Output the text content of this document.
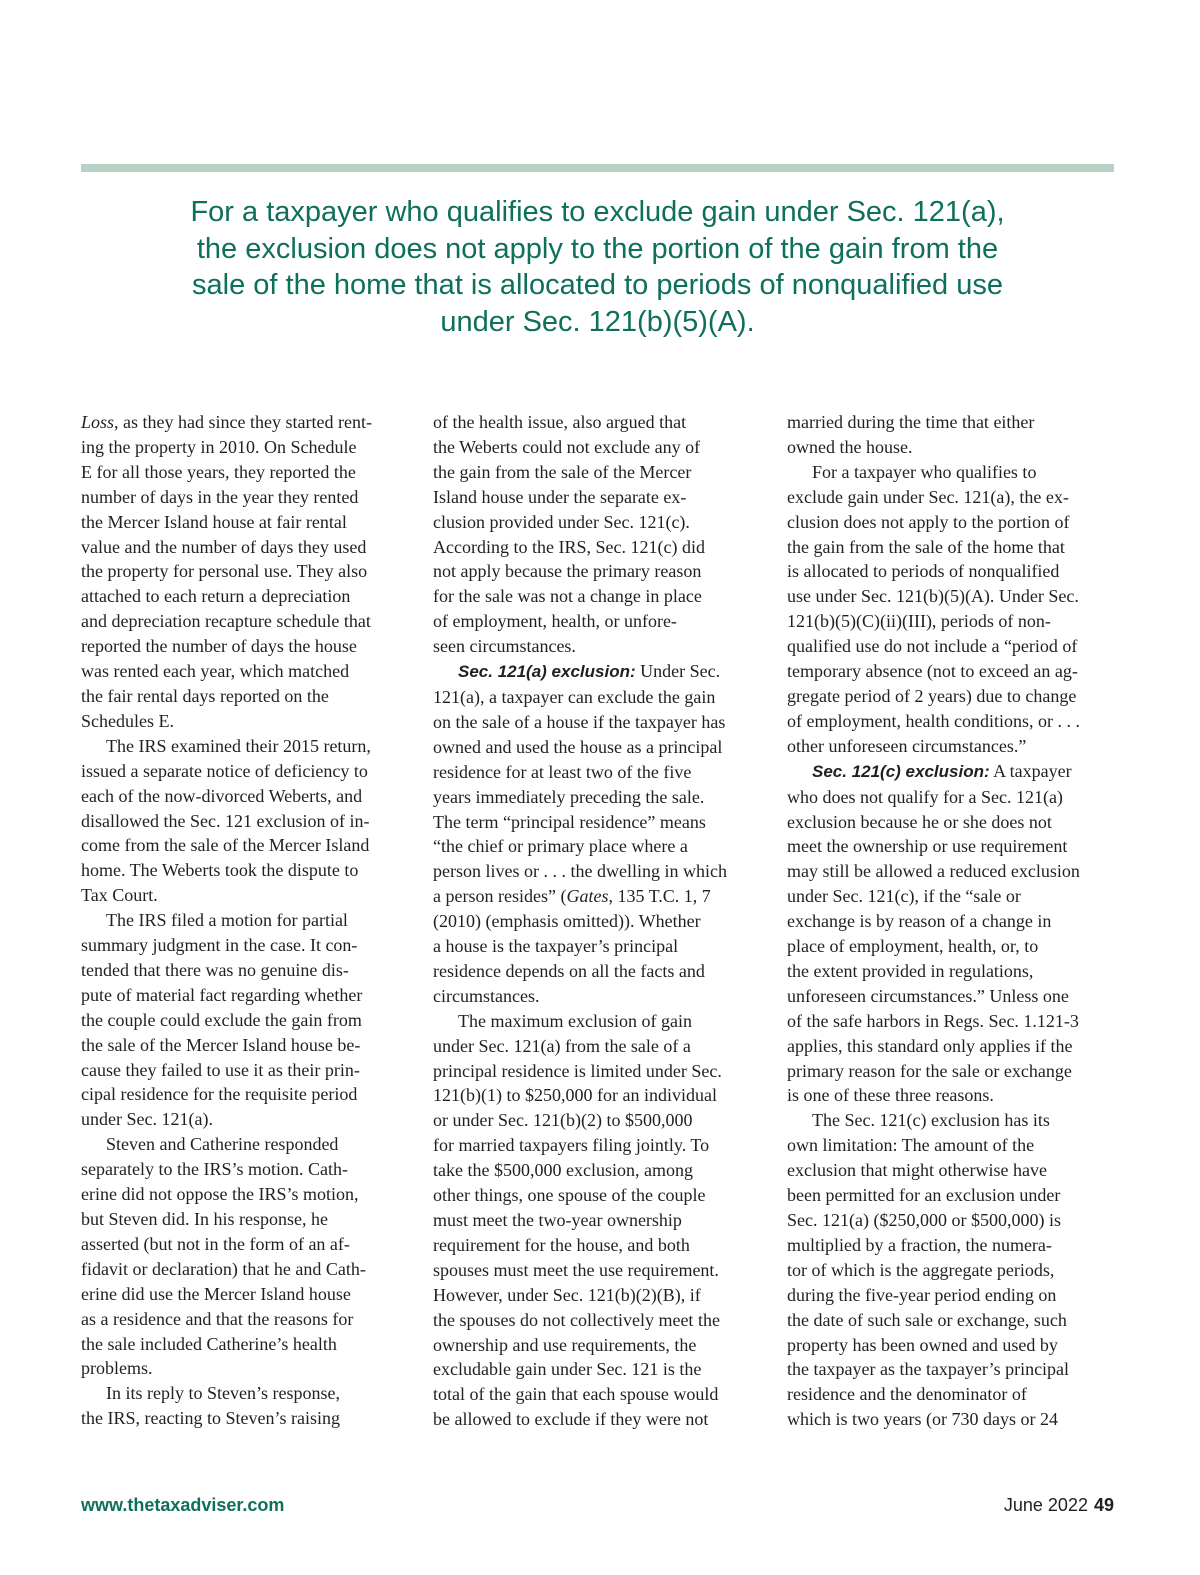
For a taxpayer who qualifies to exclude gain under Sec. 121(a),
the exclusion does not apply to the portion of the gain from the
sale of the home that is allocated to periods of nonqualified use
under Sec. 121(b)(5)(A).
Loss, as they had since they started rent-
ing the property in 2010. On Schedule
E for all those years, they reported the
number of days in the year they rented
the Mercer Island house at fair rental
value and the number of days they used
the property for personal use. They also
attached to each return a depreciation
and depreciation recapture schedule that
reported the number of days the house
was rented each year, which matched
the fair rental days reported on the
Schedules E.
The IRS examined their 2015 return,
issued a separate notice of deficiency to
each of the now-divorced Weberts, and
disallowed the Sec. 121 exclusion of in-
come from the sale of the Mercer Island
home. The Weberts took the dispute to
Tax Court.
The IRS filed a motion for partial
summary judgment in the case. It con-
tended that there was no genuine dis-
pute of material fact regarding whether
the couple could exclude the gain from
the sale of the Mercer Island house be-
cause they failed to use it as their prin-
cipal residence for the requisite period
under Sec. 121(a).
Steven and Catherine responded
separately to the IRS’s motion. Cath-
erine did not oppose the IRS’s motion,
but Steven did. In his response, he
asserted (but not in the form of an af-
fidavit or declaration) that he and Cath-
erine did use the Mercer Island house
as a residence and that the reasons for
the sale included Catherine’s health
problems.
In its reply to Steven’s response,
the IRS, reacting to Steven’s raising
of the health issue, also argued that
the Weberts could not exclude any of
the gain from the sale of the Mercer
Island house under the separate ex-
clusion provided under Sec. 121(c).
According to the IRS, Sec. 121(c) did
not apply because the primary reason
for the sale was not a change in place
of employment, health, or unfore-
seen circumstances.
Sec. 121(a) exclusion: Under Sec.
121(a), a taxpayer can exclude the gain
on the sale of a house if the taxpayer has
owned and used the house as a principal
residence for at least two of the five
years immediately preceding the sale.
The term “principal residence” means
“the chief or primary place where a
person lives or . . . the dwelling in which
a person resides” (Gates, 135 T.C. 1, 7
(2010) (emphasis omitted)). Whether
a house is the taxpayer’s principal
residence depends on all the facts and
circumstances.
The maximum exclusion of gain
under Sec. 121(a) from the sale of a
principal residence is limited under Sec.
121(b)(1) to $250,000 for an individual
or under Sec. 121(b)(2) to $500,000
for married taxpayers filing jointly. To
take the $500,000 exclusion, among
other things, one spouse of the couple
must meet the two-year ownership
requirement for the house, and both
spouses must meet the use requirement.
However, under Sec. 121(b)(2)(B), if
the spouses do not collectively meet the
ownership and use requirements, the
excludable gain under Sec. 121 is the
total of the gain that each spouse would
be allowed to exclude if they were not
married during the time that either
owned the house.
For a taxpayer who qualifies to
exclude gain under Sec. 121(a), the ex-
clusion does not apply to the portion of
the gain from the sale of the home that
is allocated to periods of nonqualified
use under Sec. 121(b)(5)(A). Under Sec.
121(b)(5)(C)(ii)(III), periods of non-
qualified use do not include a “period of
temporary absence (not to exceed an ag-
gregate period of 2 years) due to change
of employment, health conditions, or . . .
other unforeseen circumstances.”
Sec. 121(c) exclusion: A taxpayer
who does not qualify for a Sec. 121(a)
exclusion because he or she does not
meet the ownership or use requirement
may still be allowed a reduced exclusion
under Sec. 121(c), if the “sale or
exchange is by reason of a change in
place of employment, health, or, to
the extent provided in regulations,
unforeseen circumstances.” Unless one
of the safe harbors in Regs. Sec. 1.121-3
applies, this standard only applies if the
primary reason for the sale or exchange
is one of these three reasons.
The Sec. 121(c) exclusion has its
own limitation: The amount of the
exclusion that might otherwise have
been permitted for an exclusion under
Sec. 121(a) ($250,000 or $500,000) is
multiplied by a fraction, the numera-
tor of which is the aggregate periods,
during the five-year period ending on
the date of such sale or exchange, such
property has been owned and used by
the taxpayer as the taxpayer’s principal
residence and the denominator of
which is two years (or 730 days or 24
www.thetaxadviser.com	June 2022 49
